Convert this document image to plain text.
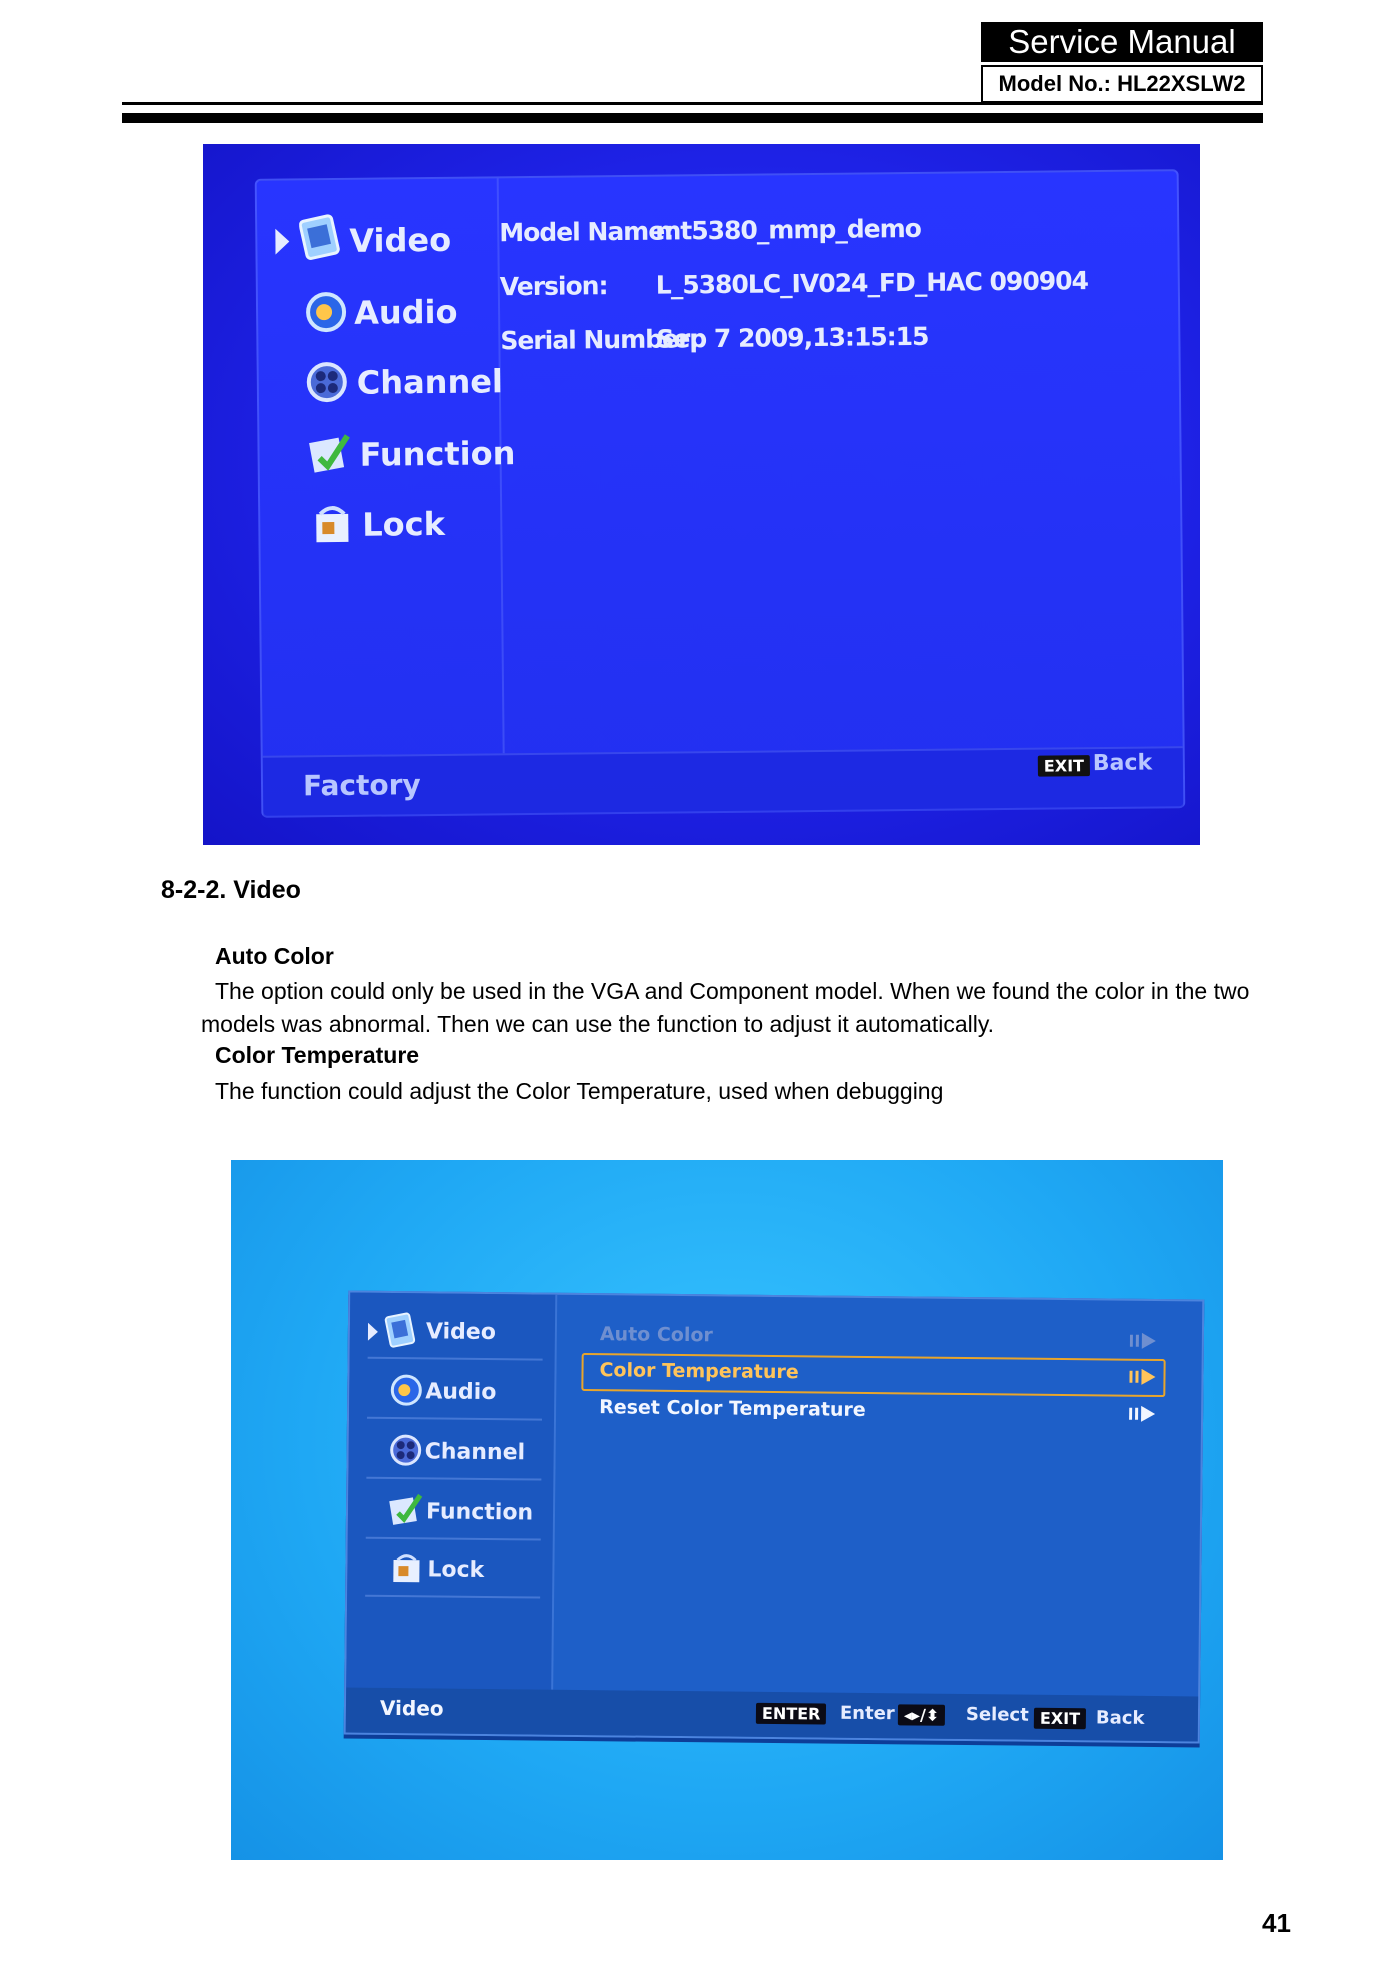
Service Manual
Model No.: HL22XSLW2
Video
Audio
Channel
Function
Lock
Model Name:
mt5380_mmp_demo
Version: L_5380LC_IV024_FD_HAC 090904
Serial Number:
Sep 7 2009,13:15:15
Factory
EXIT Back
8-2-2. Video
Auto Color
The option could only be used in the VGA and Component model. When we found the color in the two models was abnormal. Then we can use the function to adjust it automatically.
Color Temperature
The function could adjust the Color Temperature, used when debugging
Video
Audio
Channel
Function
Lock
Auto Color
Color Temperature
Reset Color Temperature
Video	ENTER	Enter ◂▸/⬍	Select EXIT Back
41
